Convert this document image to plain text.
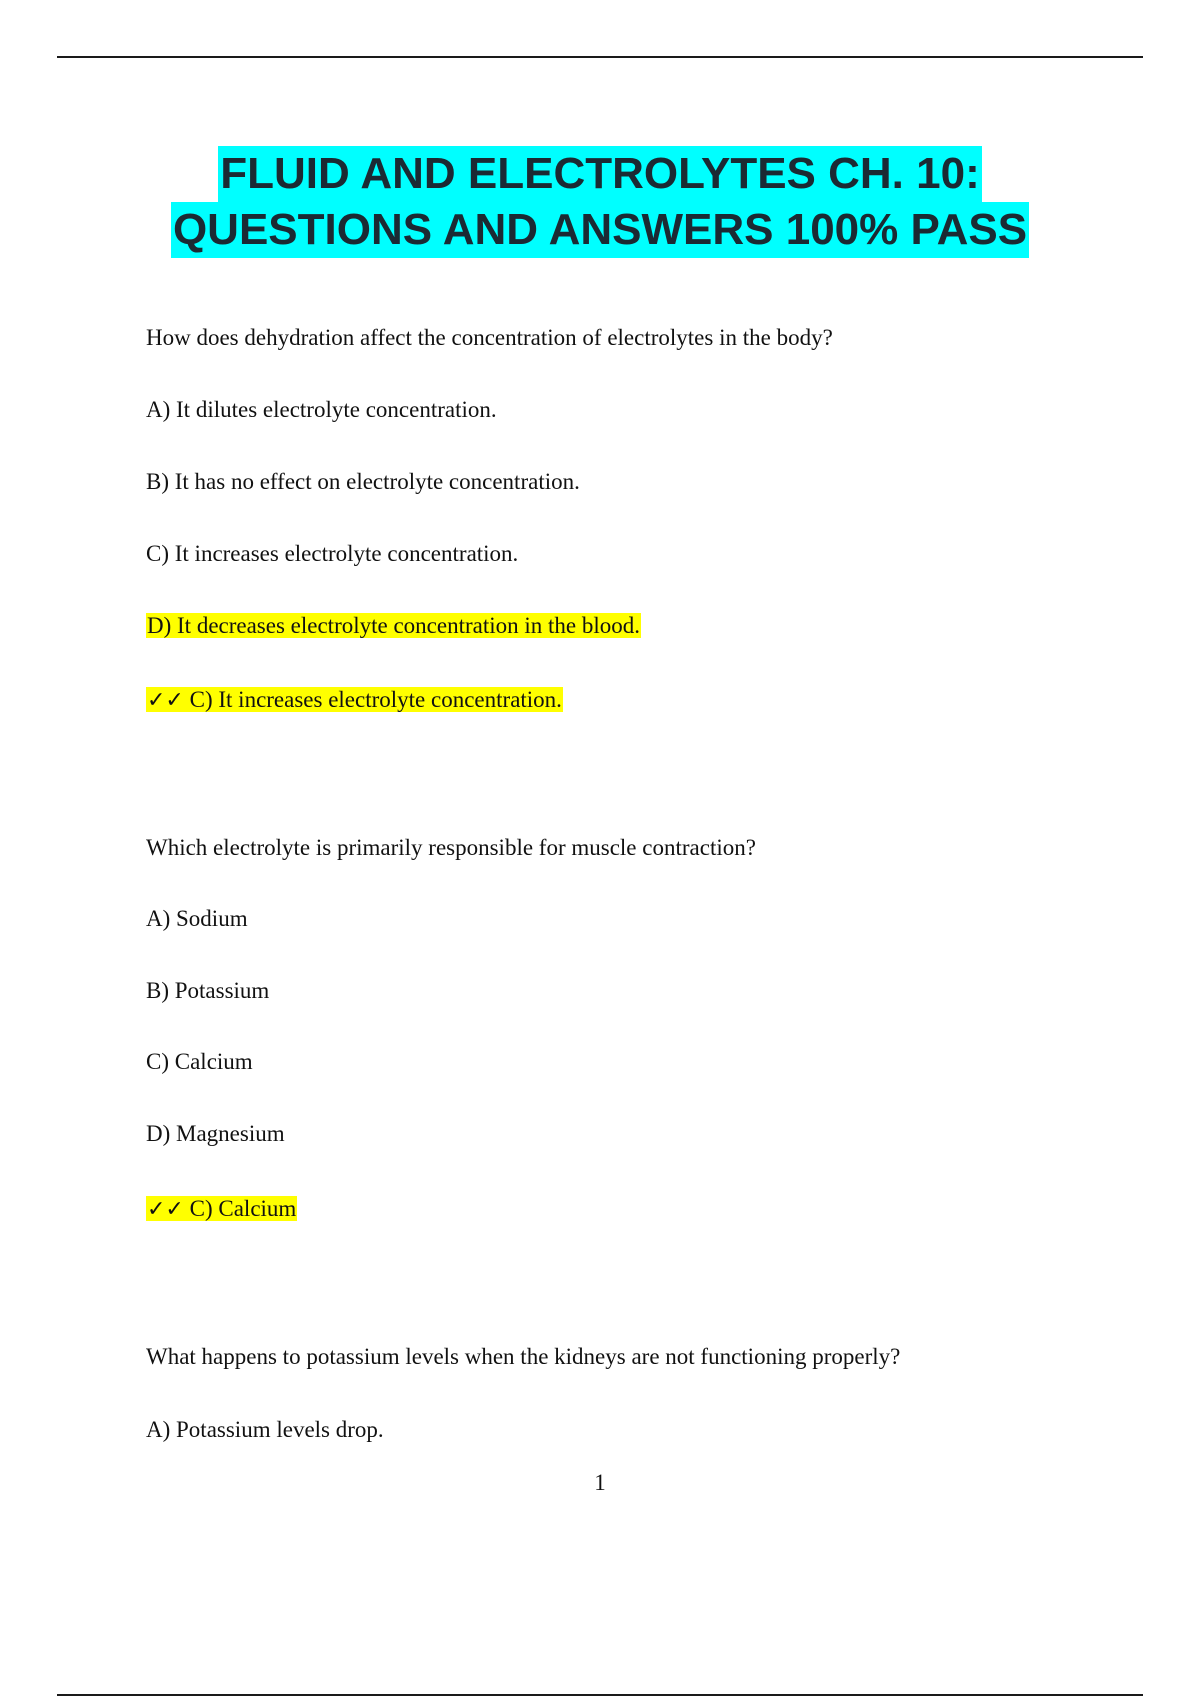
FLUID AND ELECTROLYTES CH. 10:
QUESTIONS AND ANSWERS 100% PASS
How does dehydration affect the concentration of electrolytes in the body?
A) It dilutes electrolyte concentration.
B) It has no effect on electrolyte concentration.
C) It increases electrolyte concentration.
D) It decreases electrolyte concentration in the blood.
✓✓ C) It increases electrolyte concentration.
Which electrolyte is primarily responsible for muscle contraction?
A) Sodium
B) Potassium
C) Calcium
D) Magnesium
✓✓ C) Calcium
What happens to potassium levels when the kidneys are not functioning properly?
A) Potassium levels drop.
1
